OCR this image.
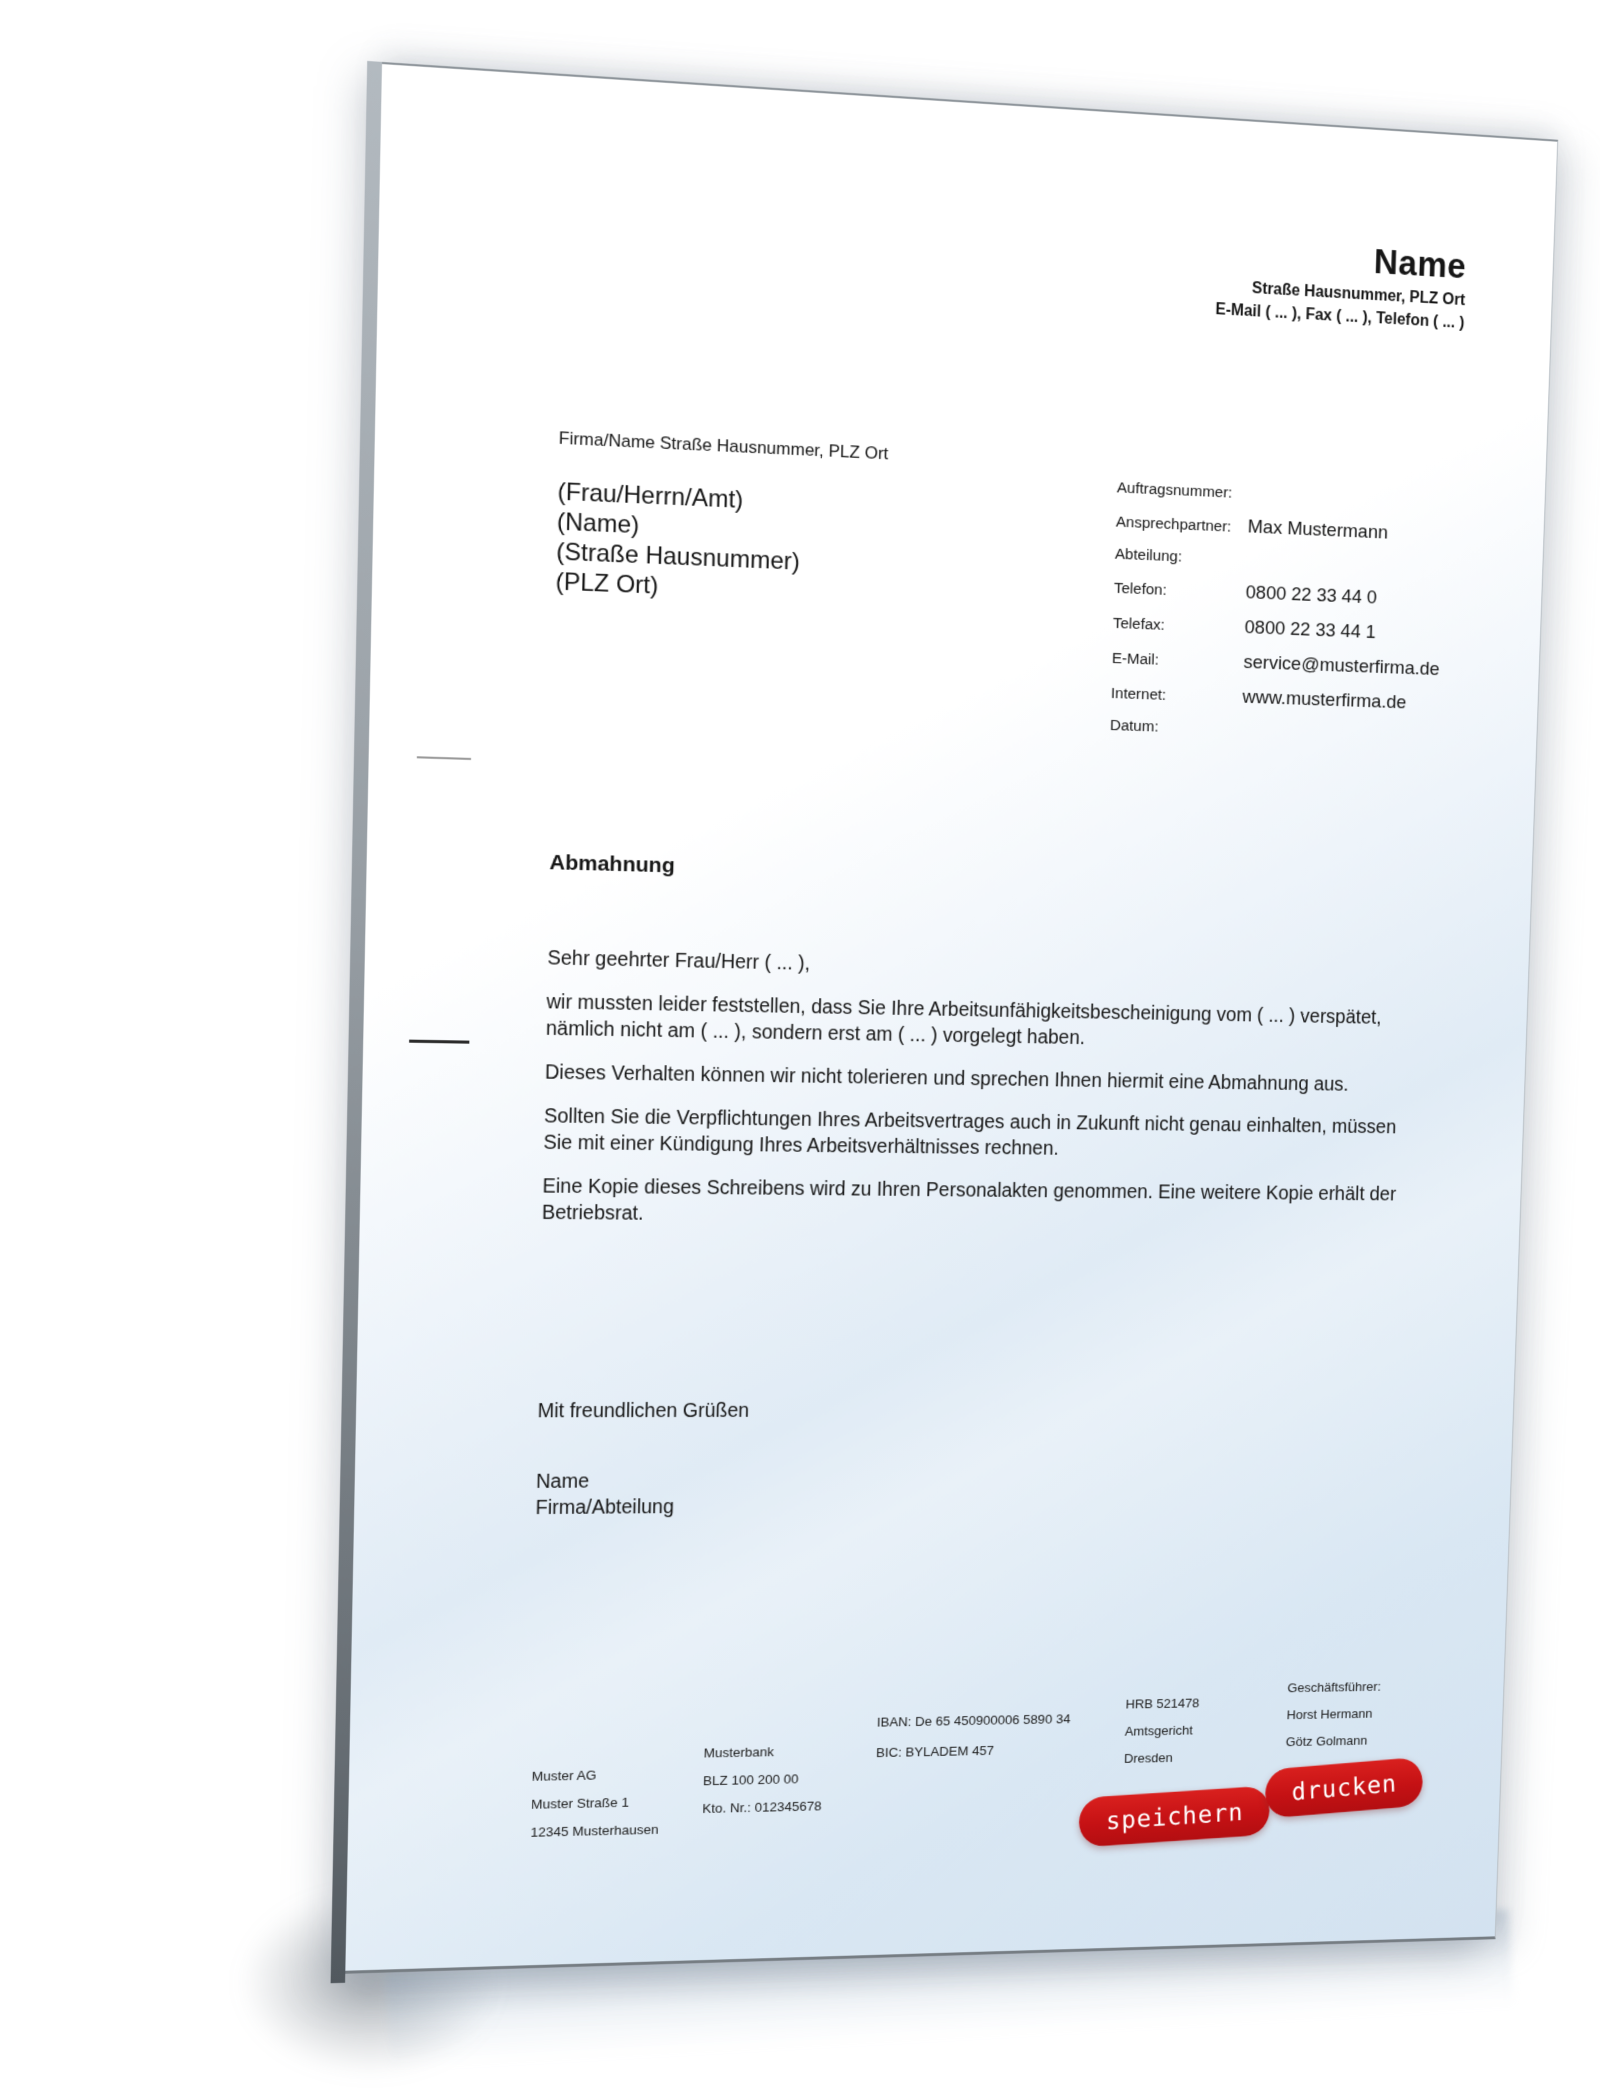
Name
Straße Hausnummer, PLZ Ort
E-Mail ( ... ), Fax ( ... ), Telefon ( ... )
Firma/Name Straße Hausnummer, PLZ Ort
(Frau/Herrn/Amt)
(Name)
(Straße Hausnummer)
(PLZ Ort)
Auftragsnummer:
Ansprechpartner: Max Mustermann
Abteilung:
Telefon:	0800 22 33 44 0
Telefax:	0800 22 33 44 1
E-Mail:	service@musterfirma.de
Internet:	www.musterfirma.de
Datum:
Abmahnung

Sehr geehrter Frau/Herr ( ... ),

wir mussten leider feststellen, dass Sie Ihre Arbeitsunfähigkeitsbescheinigung vom ( ... ) verspätet, nämlich nicht am ( ... ), sondern erst am ( ... ) vorgelegt haben.

Dieses Verhalten können wir nicht tolerieren und sprechen Ihnen hiermit eine Abmahnung aus.

Sollten Sie die Verpflichtungen Ihres Arbeitsvertrages auch in Zukunft nicht genau einhalten, müssen Sie mit einer Kündigung Ihres Arbeitsverhältnisses rechnen.

Eine Kopie dieses Schreibens wird zu Ihren Personalakten genommen. Eine weitere Kopie erhält der Betriebsrat.

Mit freundlichen Grüßen
Name
Firma/Abteilung
Muster AG
Muster Straße 1
12345 Musterhausen
Musterbank
BLZ 100 200 00
Kto. Nr.: 012345678
IBAN: De 65 450900006 5890 34
BIC: BYLADEM 457
HRB 521478
Amtsgericht
Dresden
Geschäftsführer:
Horst Hermann
Götz Golmann
speichern
drucken
